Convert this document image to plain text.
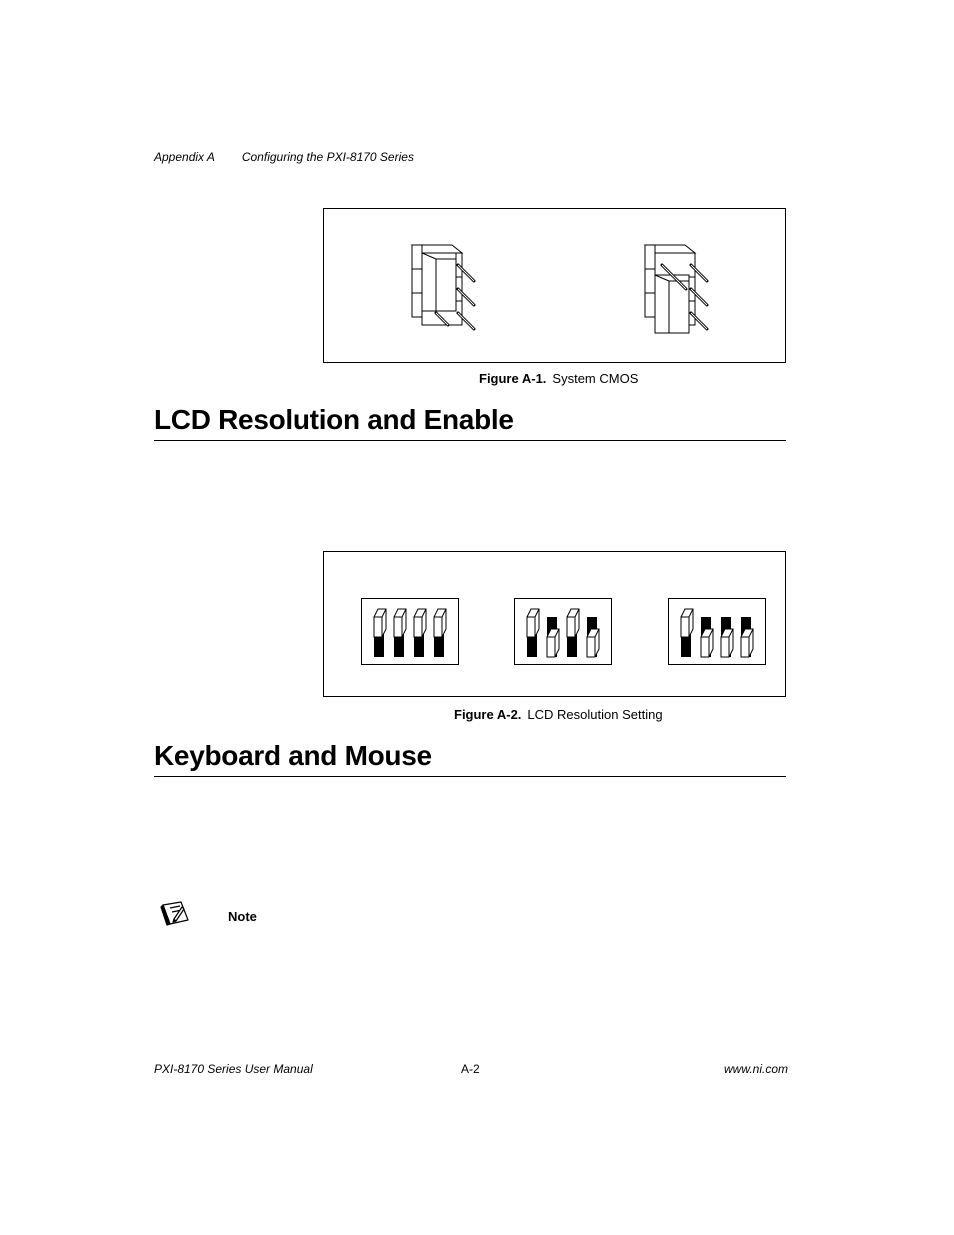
Appendix A Configuring the PXI-8170 Series
Figure A-1. System CMOS
LCD Resolution and Enable
Figure A-2. LCD Resolution Setting
Keyboard and Mouse
Note
PXI-8170 Series User Manual	A-2	www.ni.com
